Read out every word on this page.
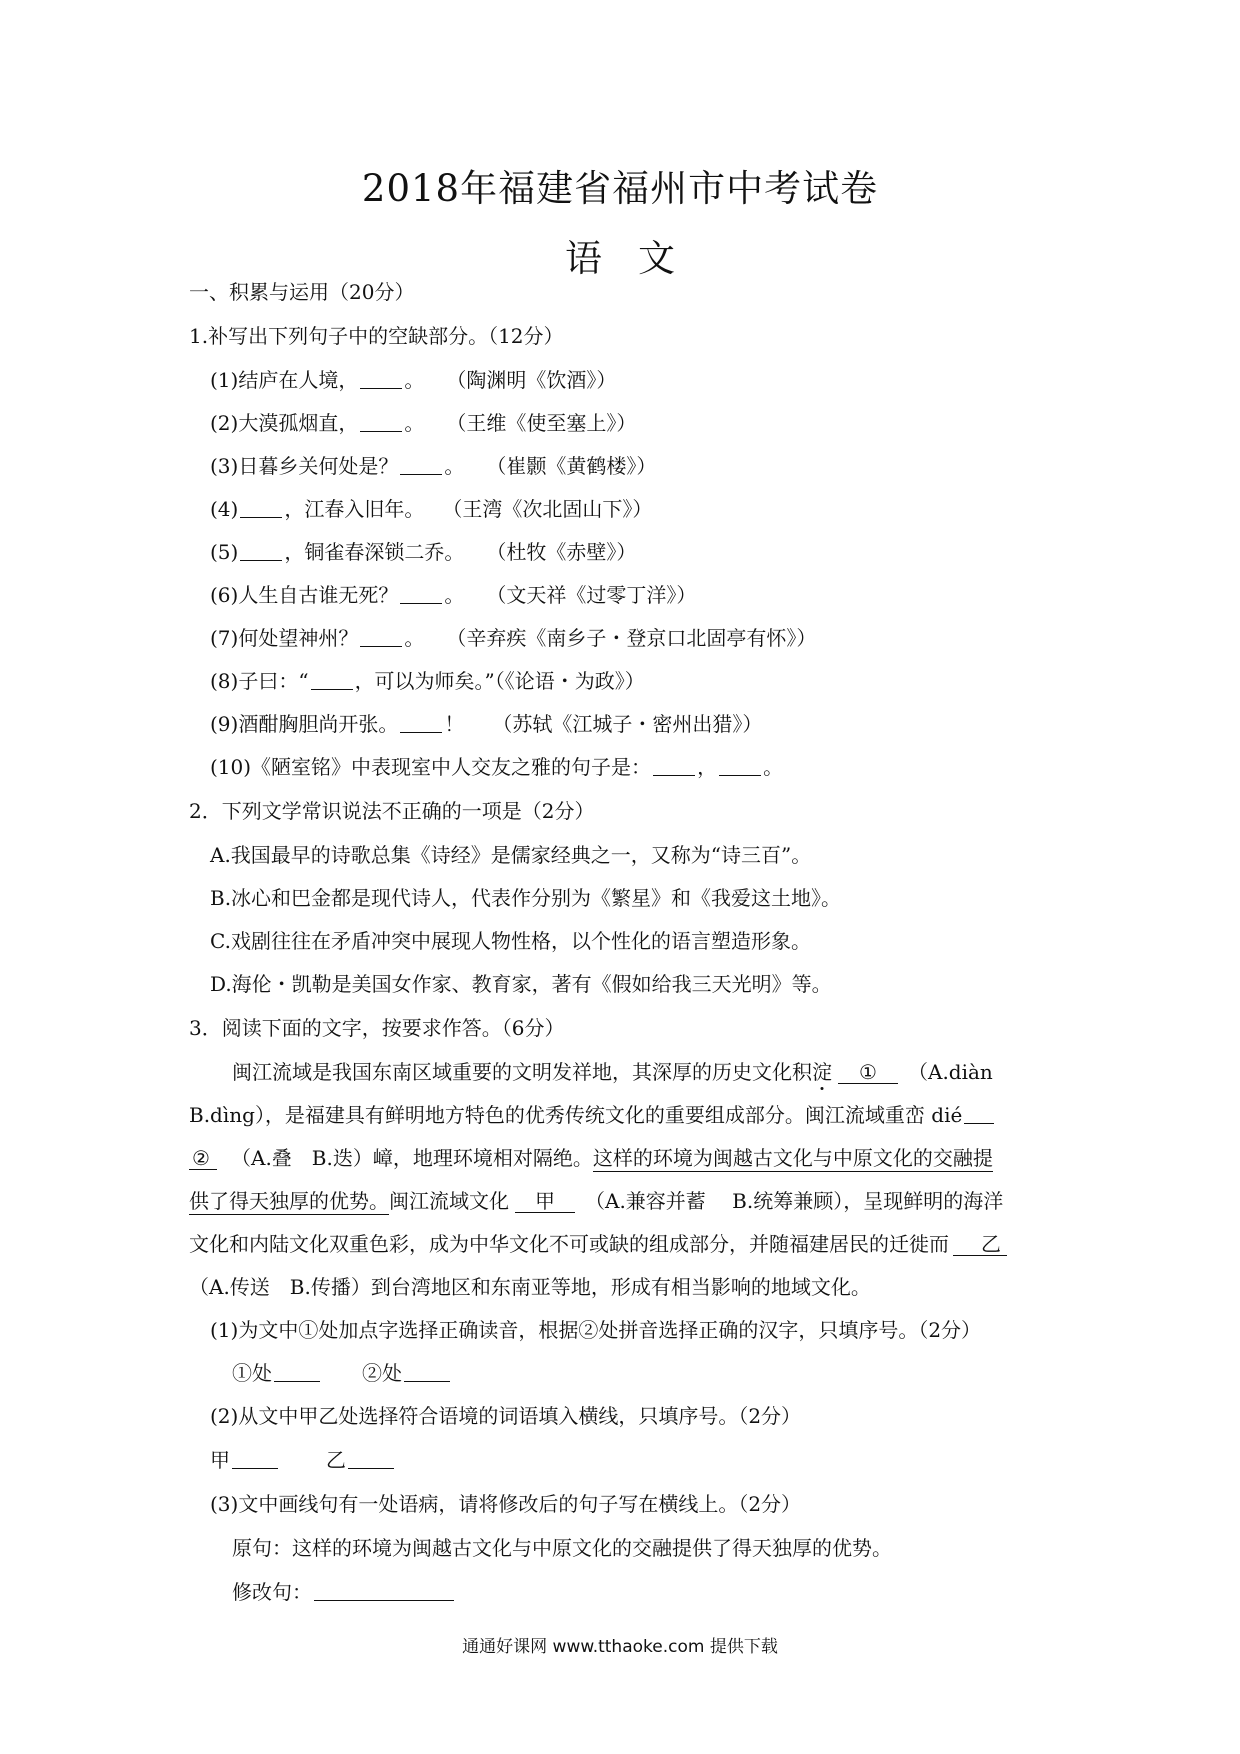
2018年福建省福州市中考试卷
语文
一、积累与运用（20分）
1.补写出下列句子中的空缺部分。（12分）
(1)结庐在人境， 。 （陶渊明《饮酒》）
(2)大漠孤烟直， 。 （王维《使至塞上》）
(3)日暮乡关何处是？ 。 （崔颢《黄鹤楼》）
(4) ，江春入旧年。 （王湾《次北固山下》）
(5) ，铜雀春深锁二乔。 （杜牧《赤壁》）
(6)人生自古谁无死？ 。 （文天祥《过零丁洋》）
(7)何处望神州？ 。 （辛弃疾《南乡子・登京口北固亭有怀》）
(8)子曰：“ ，可以为师矣。”（《论语・为政》）
(9)酒酣胸胆尚开张。 ！ （苏轼《江城子・密州出猎》）
(10)《陋室铭》中表现室中人交友之雅的句子是： ， 。
2．下列文学常识说法不正确的一项是（2分）
A.我国最早的诗歌总集《诗经》是儒家经典之一，又称为“诗三百”。
B.冰心和巴金都是现代诗人，代表作分别为《繁星》和《我爱这土地》。
C.戏剧往往在矛盾冲突中展现人物性格，以个性化的语言塑造形象。
D.海伦・凯勒是美国女作家、教育家，著有《假如给我三天光明》等。
3．阅读下面的文字，按要求作答。（6分）
闽江流域是我国东南区域重要的文明发祥地，其深厚的历史文化积淀 ① （A.diàn
B.dìng），是福建具有鲜明地方特色的优秀传统文化的重要组成部分。闽江流域重峦 dié
② （A.叠　B.迭）嶂，地理环境相对隔绝。这样的环境为闽越古文化与中原文化的交融提
供了得天独厚的优势。闽江流域文化 甲 （A.兼容并蓄　 B.统筹兼顾），呈现鲜明的海洋
文化和内陆文化双重色彩，成为中华文化不可或缺的组成部分，并随福建居民的迁徙而 乙
（A.传送　B.传播）到台湾地区和东南亚等地，形成有相当影响的地域文化。
(1)为文中①处加点字选择正确读音，根据②处拼音选择正确的汉字，只填序号。（2分）
①处	②处
(2)从文中甲乙处选择符合语境的词语填入横线，只填序号。（2分）
甲	乙
(3)文中画线句有一处语病，请将修改后的句子写在横线上。（2分）
原句：这样的环境为闽越古文化与中原文化的交融提供了得天独厚的优势。
修改句：
通通好课网 www.tthaoke.com 提供下载
